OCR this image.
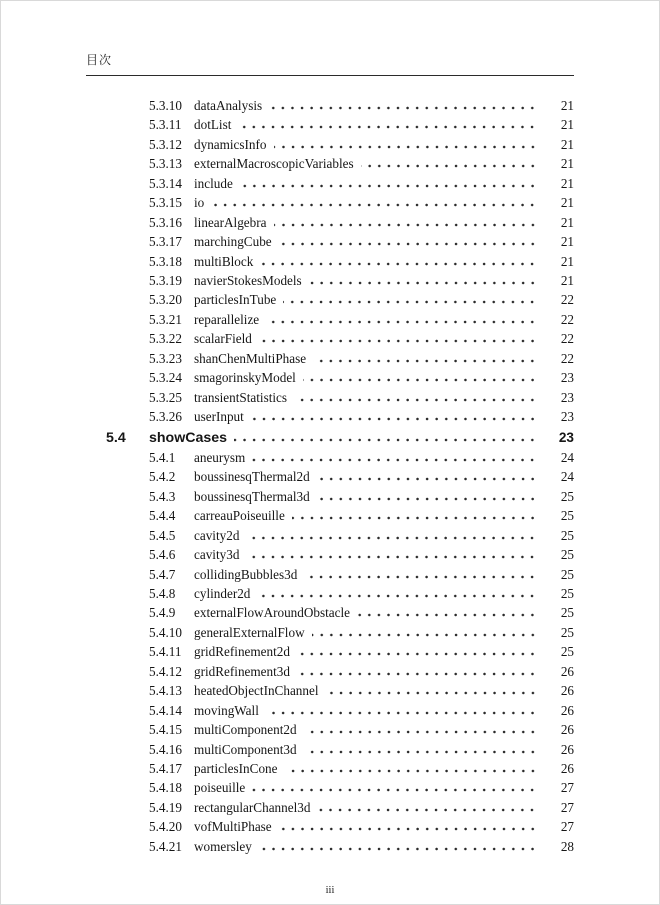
目次
5.3.10 dataAnalysis	21
5.3.11 dotList	21
5.3.12 dynamicsInfo	21
5.3.13 externalMacroscopicVariables	21
5.3.14 include	21
5.3.15 io	21
5.3.16 linearAlgebra	21
5.3.17 marchingCube	21
5.3.18 multiBlock	21
5.3.19 navierStokesModels	21
5.3.20 particlesInTube	22
5.3.21 reparallelize	22
5.3.22 scalarField	22
5.3.23 shanChenMultiPhase	22
5.3.24 smagorinskyModel	23
5.3.25 transientStatistics	23
5.3.26 userInput	23
5.4	showCases	23
5.4.1	aneurysm	24
5.4.2	boussinesqThermal2d	24
5.4.3	boussinesqThermal3d	25
5.4.4	carreauPoiseuille	25
5.4.5	cavity2d	25
5.4.6	cavity3d	25
5.4.7	collidingBubbles3d	25
5.4.8	cylinder2d	25
5.4.9	externalFlowAroundObstacle	25
5.4.10 generalExternalFlow	25
5.4.11 gridRefinement2d	25
5.4.12 gridRefinement3d	26
5.4.13 heatedObjectInChannel	26
5.4.14 movingWall	26
5.4.15 multiComponent2d	26
5.4.16 multiComponent3d	26
5.4.17 particlesInCone	26
5.4.18 poiseuille	27
5.4.19 rectangularChannel3d	27
5.4.20 vofMultiPhase	27
5.4.21 womersley	28
iii
